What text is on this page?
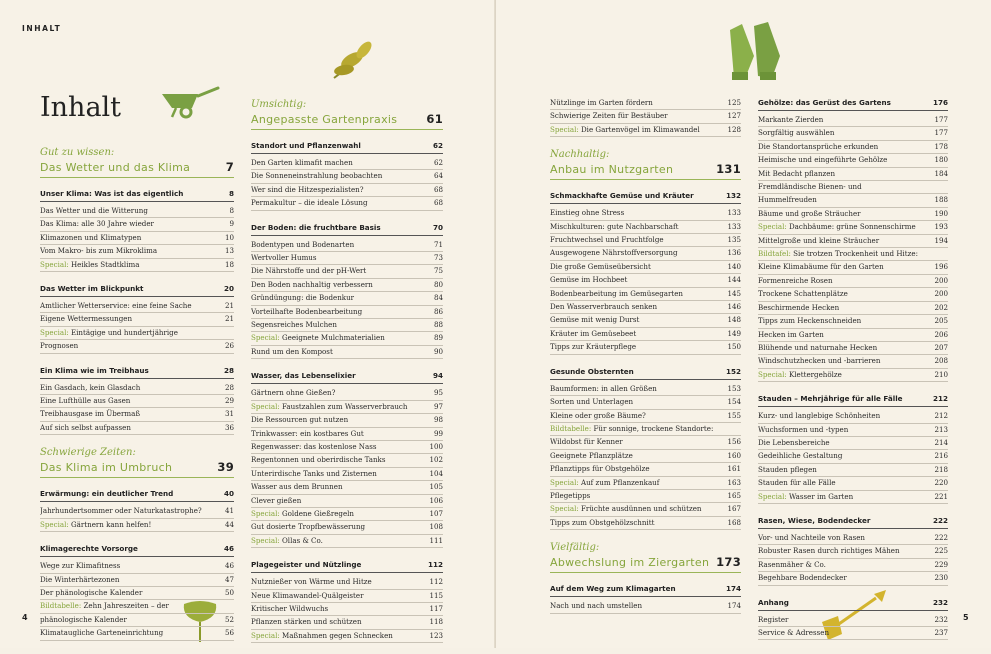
INHALT
Inhalt
Gut zu wissen:
Das Wetter und das Klima	7
Unser Klima: Was ist das eigentlich	8
Das Wetter und die Witterung	8
Das Klima: alle 30 Jahre wieder	9
Klimazonen und Klimatypen	10
Vom Makro- bis zum Mikroklima	13
Special: Heikles Stadtklima	18
Das Wetter im Blickpunkt	20
Amtlicher Wetterservice: eine feine Sache	21
Eigene Wettermessungen	21
Special: Eintägige und hundertjährige
Prognosen	26
Ein Klima wie im Treibhaus	28
Ein Gasdach, kein Glasdach	28
Eine Lufthülle aus Gasen	29
Treibhausgase im Übermaß	31
Auf sich selbst aufpassen	36
Schwierige Zeiten:
Das Klima im Umbruch	39
Erwärmung: ein deutlicher Trend	40
Jahrhundertsommer oder Naturkatastrophe?	41
Special: Gärtnern kann helfen!	44
Klimagerechte Vorsorge	46
Wege zur Klimafitness	46
Die Winterhärtezonen	47
Der phänologische Kalender	50
Bildtabelle: Zehn Jahreszeiten – der
phänologische Kalender	52
Klimataugliche Garteneinrichtung	56
Umsichtig:
Angepasste Gartenpraxis	61
Standort und Pflanzenwahl	62
Den Garten klimafit machen	62
Die Sonneneinstrahlung beobachten	64
Wer sind die Hitzespezialisten?	68
Permakultur – die ideale Lösung	68
Der Boden: die fruchtbare Basis	70
Bodentypen und Bodenarten	71
Wertvoller Humus	73
Die Nährstoffe und der pH-Wert	75
Den Boden nachhaltig verbessern	80
Gründüngung: die Bodenkur	84
Vorteilhafte Bodenbearbeitung	86
Segensreiches Mulchen	88
Special: Geeignete Mulchmaterialien	89
Rund um den Kompost	90
Wasser, das Lebenselixier	94
Gärtnern ohne Gießen?	95
Special: Faustzahlen zum Wasserverbrauch	97
Die Ressourcen gut nutzen	98
Trinkwasser: ein kostbares Gut	99
Regenwasser: das kostenlose Nass	100
Regentonnen und oberirdische Tanks	102
Unterirdische Tanks und Zisternen	104
Wasser aus dem Brunnen	105
Clever gießen	106
Special: Goldene Gießregeln	107
Gut dosierte Tropfbewässerung	108
Special: Ollas & Co.	111
Plagegeister und Nützlinge	112
Nutznießer von Wärme und Hitze	112
Neue Klimawandel-Quälgeister	115
Kritischer Wildwuchs	117
Pflanzen stärken und schützen	118
Special: Maßnahmen gegen Schnecken	123
4
Nützlinge im Garten fördern	125
Schwierige Zeiten für Bestäuber	127
Special: Die Gartenvögel im Klimawandel	128
Nachhaltig:
Anbau im Nutzgarten	131
Schmackhafte Gemüse und Kräuter	132
Einstieg ohne Stress	133
Mischkulturen: gute Nachbarschaft	133
Fruchtwechsel und Fruchtfolge	135
Ausgewogene Nährstoffversorgung	136
Die große Gemüseübersicht	140
Gemüse im Hochbeet	144
Bodenbearbeitung im Gemüsegarten	145
Den Wasserverbrauch senken	146
Gemüse mit wenig Durst	148
Kräuter im Gemüsebeet	149
Tipps zur Kräuterpflege	150
Gesunde Obsternten	152
Baumformen: in allen Größen	153
Sorten und Unterlagen	154
Kleine oder große Bäume?	155
Bildtabelle: Für sonnige, trockene Standorte:
Wildobst für Kenner	156
Geeignete Pflanzplätze	160
Pflanztipps für Obstgehölze	161
Special: Auf zum Pflanzenkauf	163
Pflegetipps	165
Special: Früchte ausdünnen und schützen	167
Tipps zum Obstgehölzschnitt	168
Vielfältig:
Abwechslung im Ziergarten 173
Auf dem Weg zum Klimagarten	174
Nach und nach umstellen	174
Gehölze: das Gerüst des Gartens	176
Markante Zierden	177
Sorgfältig auswählen	177
Die Standortansprüche erkunden	178
Heimische und eingeführte Gehölze	180
Mit Bedacht pflanzen	184
Fremdländische Bienen- und
Hummelfreuden	188
Bäume und große Sträucher	190
Special: Dachbäume: grüne Sonnenschirme	193
Mittelgroße und kleine Sträucher	194
Bildtafel: Sie trotzen Trockenheit und Hitze:
Kleine Klimabäume für den Garten	196
Formenreiche Rosen	200
Trockene Schattenplätze	200
Beschirmende Hecken	202
Tipps zum Heckenschneiden	205
Hecken im Garten	206
Blühende und naturnahe Hecken	207
Windschutzhecken und -barrieren	208
Special: Klettergehölze	210
Stauden – Mehrjährige für alle Fälle	212
Kurz- und langlebige Schönheiten	212
Wuchsformen und -typen	213
Die Lebensbereiche	214
Gedeihliche Gestaltung	216
Stauden pflegen	218
Stauden für alle Fälle	220
Special: Wasser im Garten	221
Rasen, Wiese, Bodendecker	222
Vor- und Nachteile von Rasen	222
Robuster Rasen durch richtiges Mähen	225
Rasenmäher & Co.	229
Begehbare Bodendecker	230
Anhang	232
Register	232
Service & Adressen	237
5
